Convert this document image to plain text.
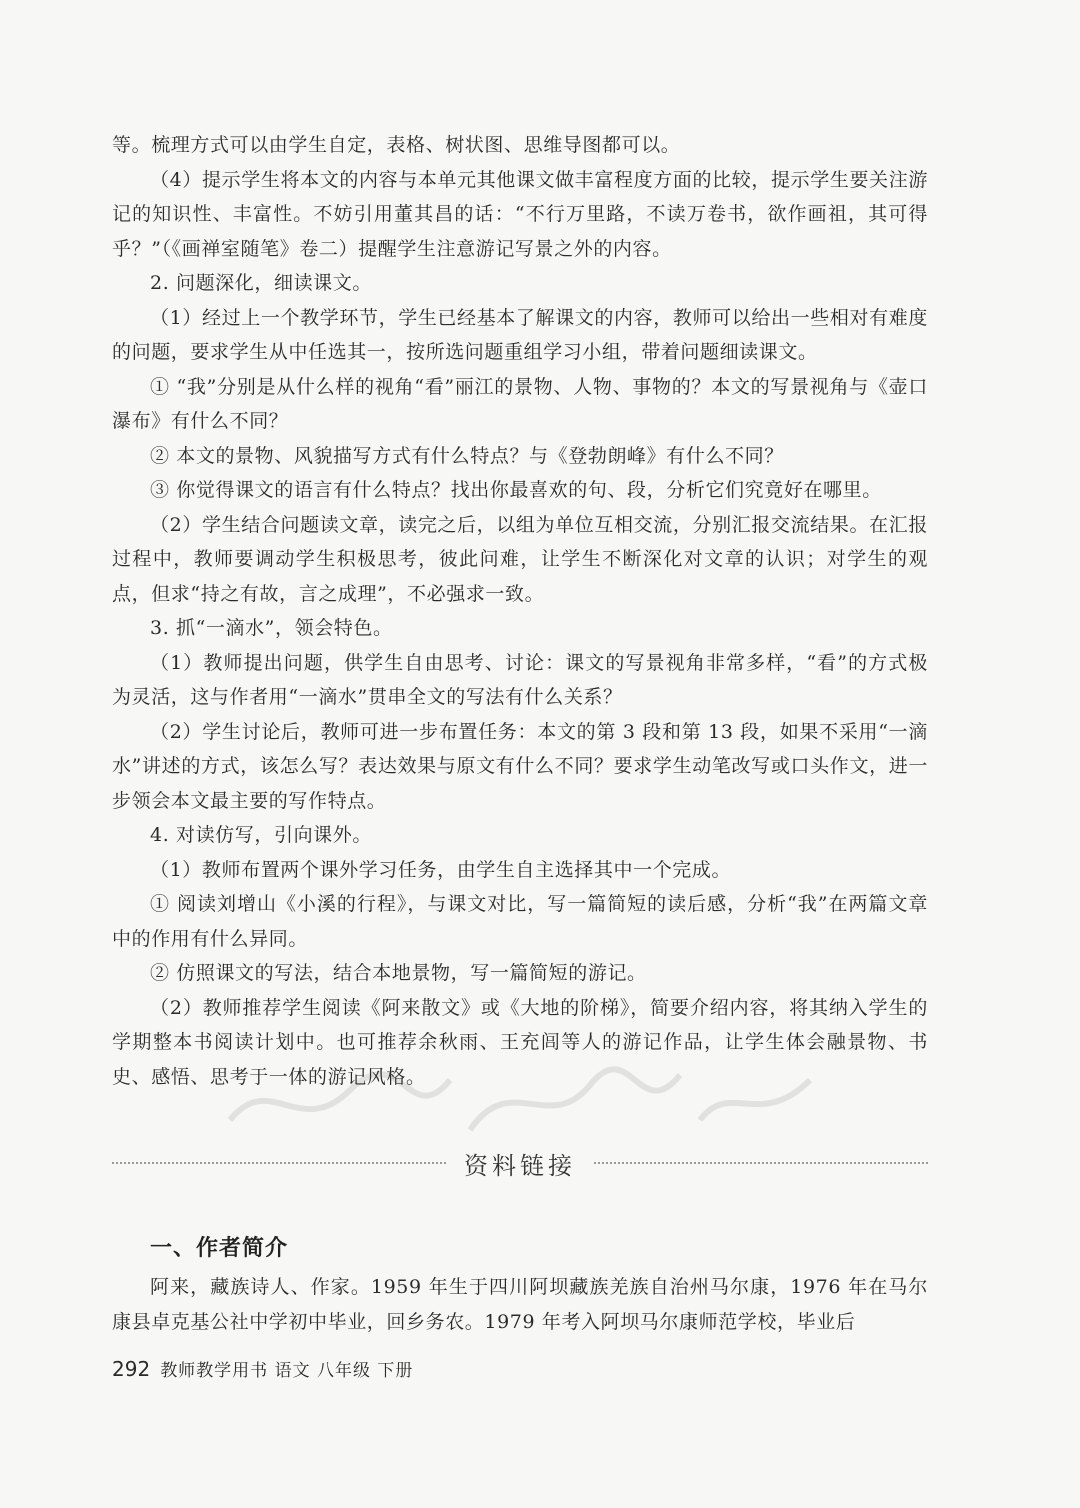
等。梳理方式可以由学生自定，表格、树状图、思维导图都可以。

（4）提示学生将本文的内容与本单元其他课文做丰富程度方面的比较，提示学生要关注游记的知识性、丰富性。不妨引用董其昌的话：“不行万里路，不读万卷书，欲作画祖，其可得乎？”（《画禅室随笔》卷二）提醒学生注意游记写景之外的内容。

2. 问题深化，细读课文。

（1）经过上一个教学环节，学生已经基本了解课文的内容，教师可以给出一些相对有难度的问题，要求学生从中任选其一，按所选问题重组学习小组，带着问题细读课文。

① “我”分别是从什么样的视角“看”丽江的景物、人物、事物的？本文的写景视角与《壶口瀑布》有什么不同？

② 本文的景物、风貌描写方式有什么特点？与《登勃朗峰》有什么不同？

③ 你觉得课文的语言有什么特点？找出你最喜欢的句、段，分析它们究竟好在哪里。

（2）学生结合问题读文章，读完之后，以组为单位互相交流，分别汇报交流结果。在汇报过程中，教师要调动学生积极思考，彼此问难，让学生不断深化对文章的认识；对学生的观点，但求“持之有故，言之成理”，不必强求一致。

3. 抓“一滴水”，领会特色。

（1）教师提出问题，供学生自由思考、讨论：课文的写景视角非常多样，“看”的方式极为灵活，这与作者用“一滴水”贯串全文的写法有什么关系？

（2）学生讨论后，教师可进一步布置任务：本文的第 3 段和第 13 段，如果不采用“一滴水”讲述的方式，该怎么写？表达效果与原文有什么不同？要求学生动笔改写或口头作文，进一步领会本文最主要的写作特点。

4. 对读仿写，引向课外。

（1）教师布置两个课外学习任务，由学生自主选择其中一个完成。

① 阅读刘增山《小溪的行程》，与课文对比，写一篇简短的读后感，分析“我”在两篇文章中的作用有什么异同。

② 仿照课文的写法，结合本地景物，写一篇简短的游记。

（2）教师推荐学生阅读《阿来散文》或《大地的阶梯》，简要介绍内容，将其纳入学生的学期整本书阅读计划中。也可推荐余秋雨、王充闾等人的游记作品，让学生体会融景物、书史、感悟、思考于一体的游记风格。

资料链接
一、作者简介

阿来，藏族诗人、作家。1959 年生于四川阿坝藏族羌族自治州马尔康，1976 年在马尔康县卓克基公社中学初中毕业，回乡务农。1979 年考入阿坝马尔康师范学校，毕业后

292 教师教学用书 语文 八年级 下册
